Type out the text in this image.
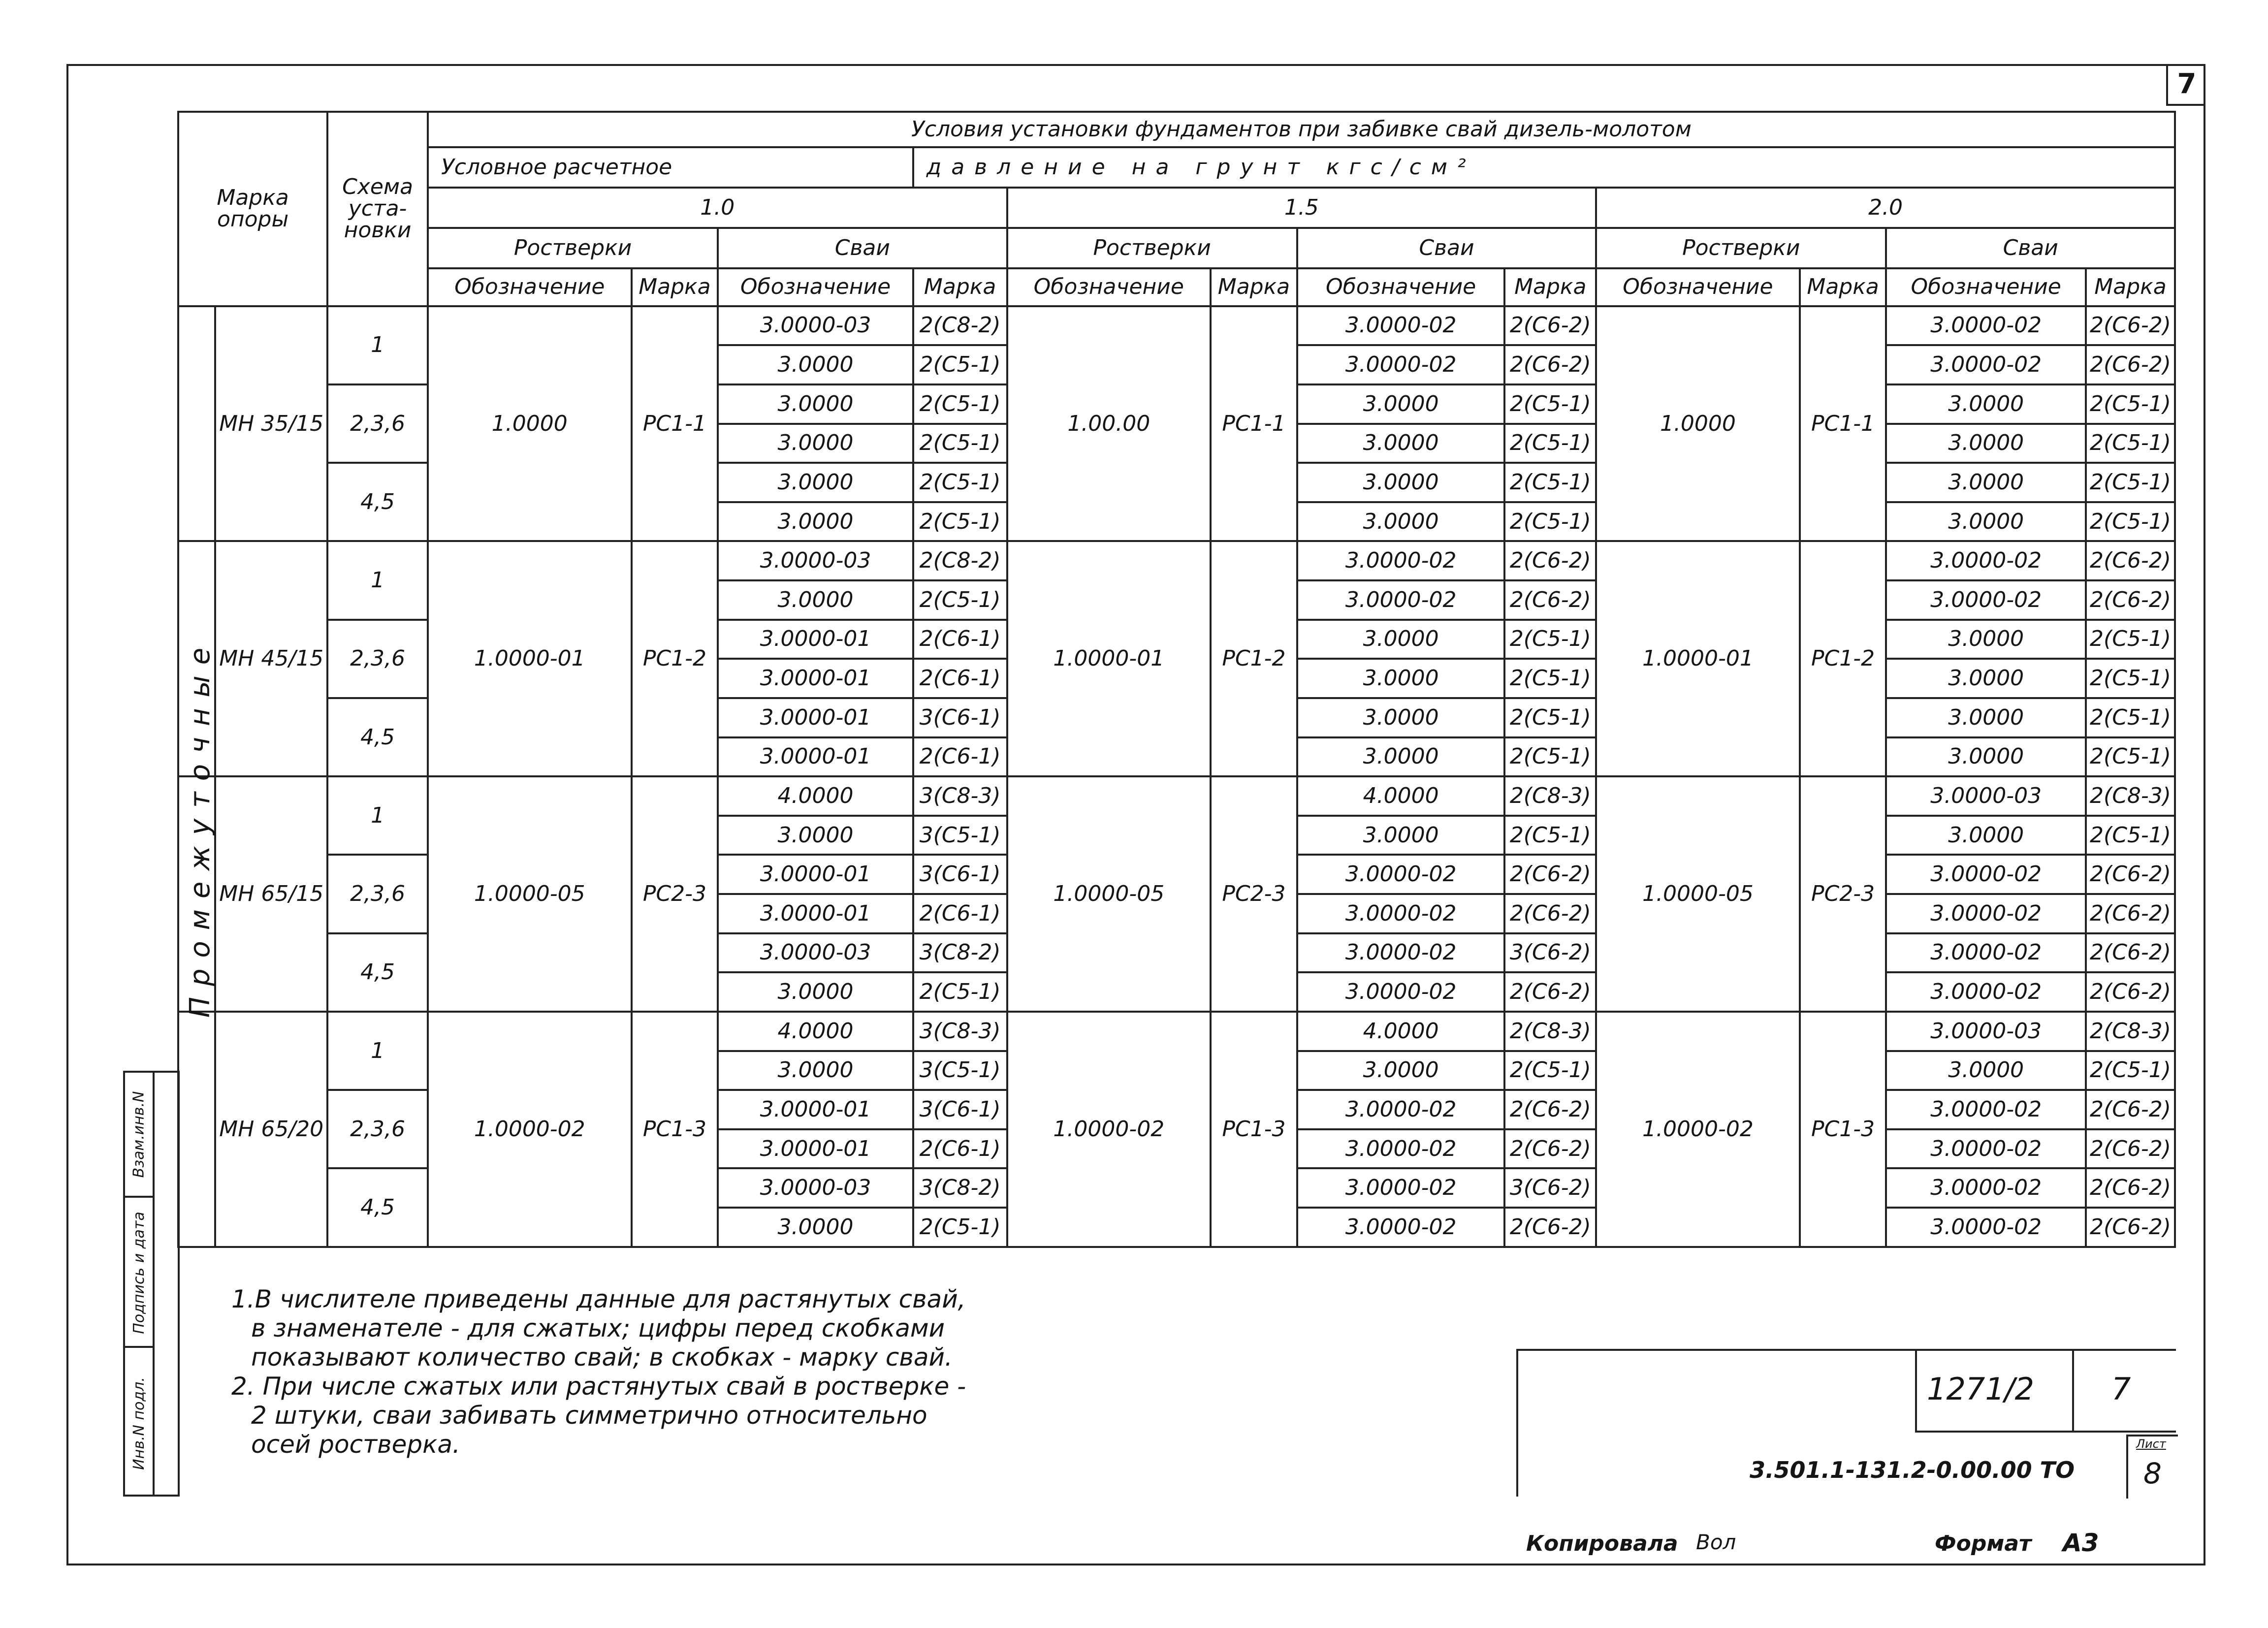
7
Марка опоры		Схема уста-новки	Условия установки фундаментов при забивке свай дизель-молотом											
			Условное расчетное			давление на грунт кгс/см²								
			1.0				1.5				2.0			
			Ростверки		Сваи		Ростверки		Сваи		Ростверки		Сваи	
			Обозначение	Марка	Обозначение	Марка	Обозначение	Марка	Обозначение	Марка	Обозначение	Марка	Обозначение	Марка
	МН 35/15	1	1.0000	РС1-1	3.0000-03	2(С8-2)	1.00.00	РС1-1	3.0000-02	2(С6-2)	1.0000	РС1-1	3.0000-02	2(С6-2)
					3.0000	2(С5-1)			3.0000-02	2(С6-2)			3.0000-02	2(С6-2)
		2,3,6			3.0000	2(С5-1)			3.0000	2(С5-1)			3.0000	2(С5-1)
					3.0000	2(С5-1)			3.0000	2(С5-1)			3.0000	2(С5-1)
		4,5			3.0000	2(С5-1)			3.0000	2(С5-1)			3.0000	2(С5-1)
					3.0000	2(С5-1)			3.0000	2(С5-1)			3.0000	2(С5-1)
	МН 45/15	1	1.0000-01	РС1-2	3.0000-03	2(С8-2)	1.0000-01	РС1-2	3.0000-02	2(С6-2)	1.0000-01	РС1-2	3.0000-02	2(С6-2)
					3.0000	2(С5-1)			3.0000-02	2(С6-2)			3.0000-02	2(С6-2)
		2,3,6			3.0000-01	2(С6-1)			3.0000	2(С5-1)			3.0000	2(С5-1)
					3.0000-01	2(С6-1)			3.0000	2(С5-1)			3.0000	2(С5-1)
		4,5			3.0000-01	3(С6-1)			3.0000	2(С5-1)			3.0000	2(С5-1)
					3.0000-01	2(С6-1)			3.0000	2(С5-1)			3.0000	2(С5-1)
	МН 65/15	1	1.0000-05	РС2-3	4.0000	3(С8-3)	1.0000-05	РС2-3	4.0000	2(С8-3)	1.0000-05	РС2-3	3.0000-03	2(С8-3)
					3.0000	3(С5-1)			3.0000	2(С5-1)			3.0000	2(С5-1)
		2,3,6			3.0000-01	3(С6-1)			3.0000-02	2(С6-2)			3.0000-02	2(С6-2)
					3.0000-01	2(С6-1)			3.0000-02	2(С6-2)			3.0000-02	2(С6-2)
		4,5			3.0000-03	3(С8-2)			3.0000-02	3(С6-2)			3.0000-02	2(С6-2)
					3.0000	2(С5-1)			3.0000-02	2(С6-2)			3.0000-02	2(С6-2)
	МН 65/20	1	1.0000-02	РС1-3	4.0000	3(С8-3)	1.0000-02	РС1-3	4.0000	2(С8-3)	1.0000-02	РС1-3	3.0000-03	2(С8-3)
					3.0000	3(С5-1)			3.0000	2(С5-1)			3.0000	2(С5-1)
		2,3,6			3.0000-01	3(С6-1)			3.0000-02	2(С6-2)			3.0000-02	2(С6-2)
					3.0000-01	2(С6-1)			3.0000-02	2(С6-2)			3.0000-02	2(С6-2)
		4,5			3.0000-03	3(С8-2)			3.0000-02	3(С6-2)			3.0000-02	2(С6-2)
					3.0000	2(С5-1)			3.0000-02	2(С6-2)			3.0000-02	2(С6-2)
Промежуточные
Взам.инв.N
Подпись и дата
Инв.N подл.

1.В числителе приведены данные для растянутых свай,

в знаменателе - для сжатых; цифры перед скобками

показывают количество свай; в скобках - марку свай.

2. При числе сжатых или растянутых свай в ростверке -

2 штуки, сваи забивать симметрично относительно

осей ростверка.

3.501.1-131.2-0.00.00 ТО
Лист
8
1271/2	7
Копировала Вол	Формат А3
